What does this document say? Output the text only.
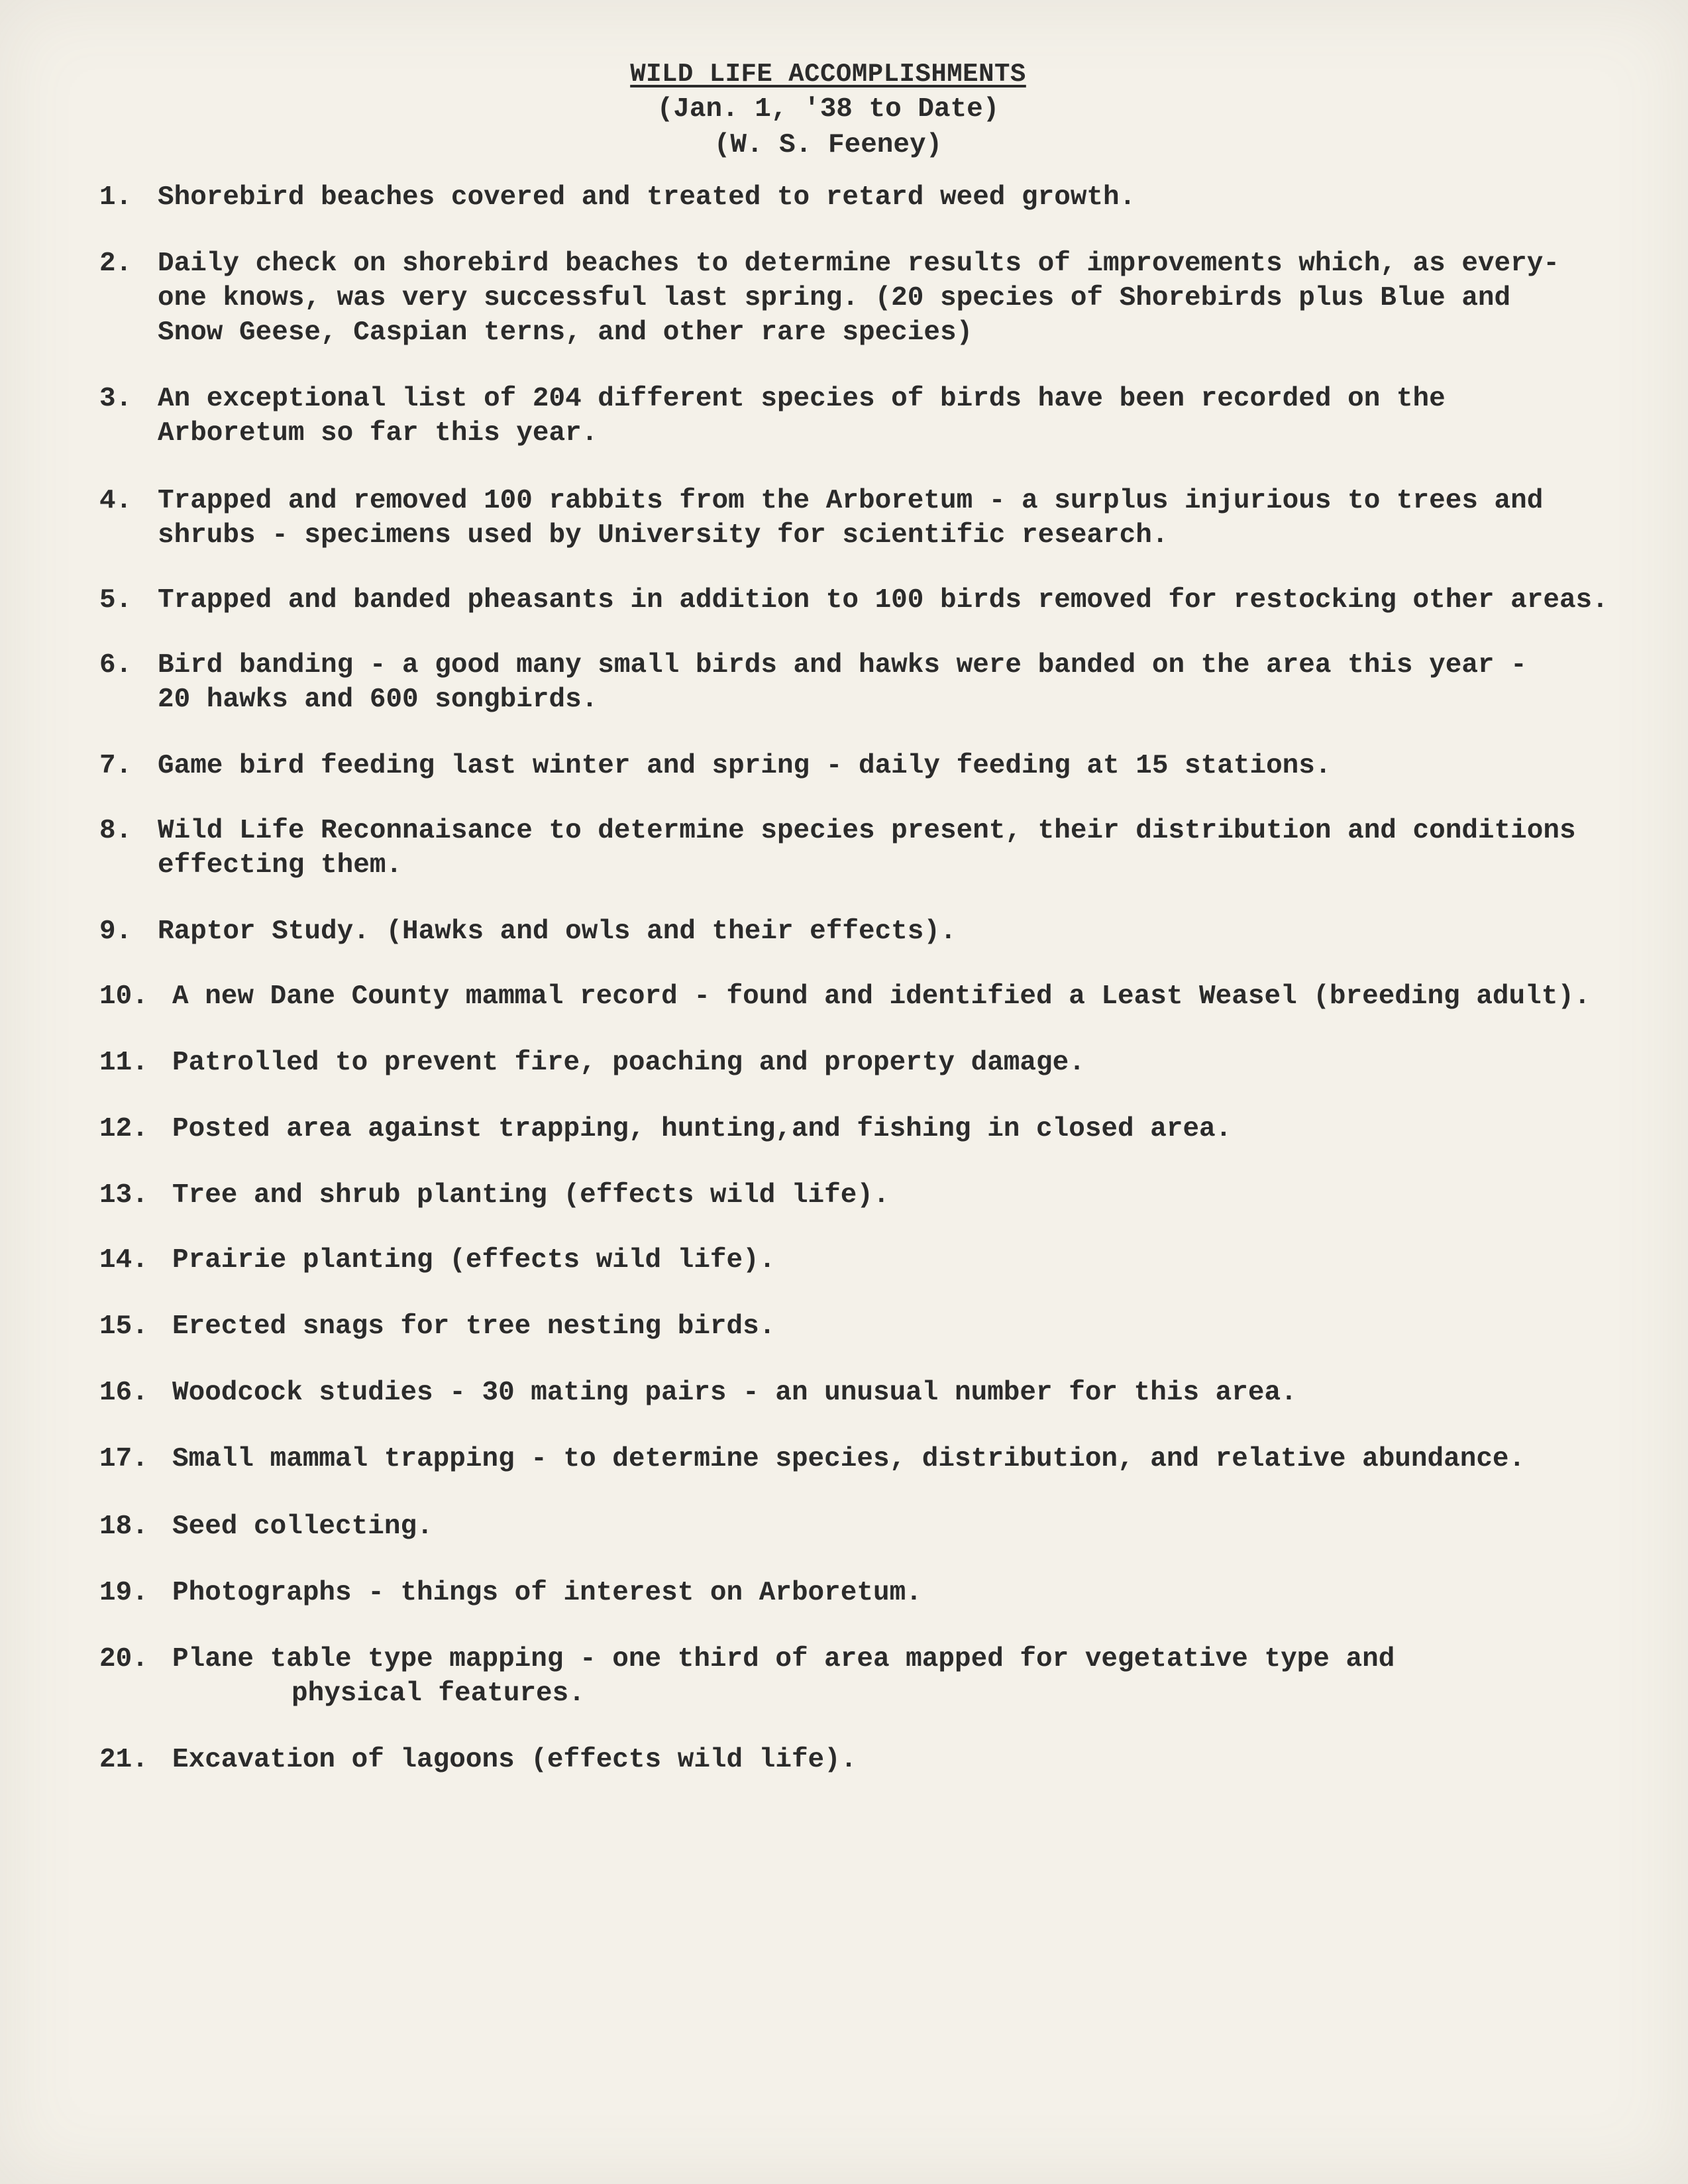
WILD LIFE ACCOMPLISHMENTS
(Jan. 1, '38 to Date)
(W. S. Feeney)
1. Shorebird beaches covered and treated to retard weed growth.
2. Daily check on shorebird beaches to determine results of improvements which, as every-
one knows, was very successful last spring. (20 species of Shorebirds plus Blue and
Snow Geese, Caspian terns, and other rare species)
3. An exceptional list of 204 different species of birds have been recorded on the
Arboretum so far this year.
4. Trapped and removed 100 rabbits from the Arboretum - a surplus injurious to trees and
shrubs - specimens used by University for scientific research.
5. Trapped and banded pheasants in addition to 100 birds removed for restocking other areas.
6. Bird banding - a good many small birds and hawks were banded on the area this year -
20 hawks and 600 songbirds.
7. Game bird feeding last winter and spring - daily feeding at 15 stations.
8. Wild Life Reconnaisance to determine species present, their distribution and conditions
effecting them.
9. Raptor Study. (Hawks and owls and their effects).
10. A new Dane County mammal record - found and identified a Least Weasel (breeding adult).
11. Patrolled to prevent fire, poaching and property damage.
12. Posted area against trapping, hunting,and fishing in closed area.
13. Tree and shrub planting (effects wild life).
14. Prairie planting (effects wild life).
15. Erected snags for tree nesting birds.
16. Woodcock studies - 30 mating pairs - an unusual number for this area.
17. Small mammal trapping - to determine species, distribution, and relative abundance.
18. Seed collecting.
19. Photographs - things of interest on Arboretum.
20. Plane table type mapping - one third of area mapped for vegetative type and
physical features.
21. Excavation of lagoons (effects wild life).
